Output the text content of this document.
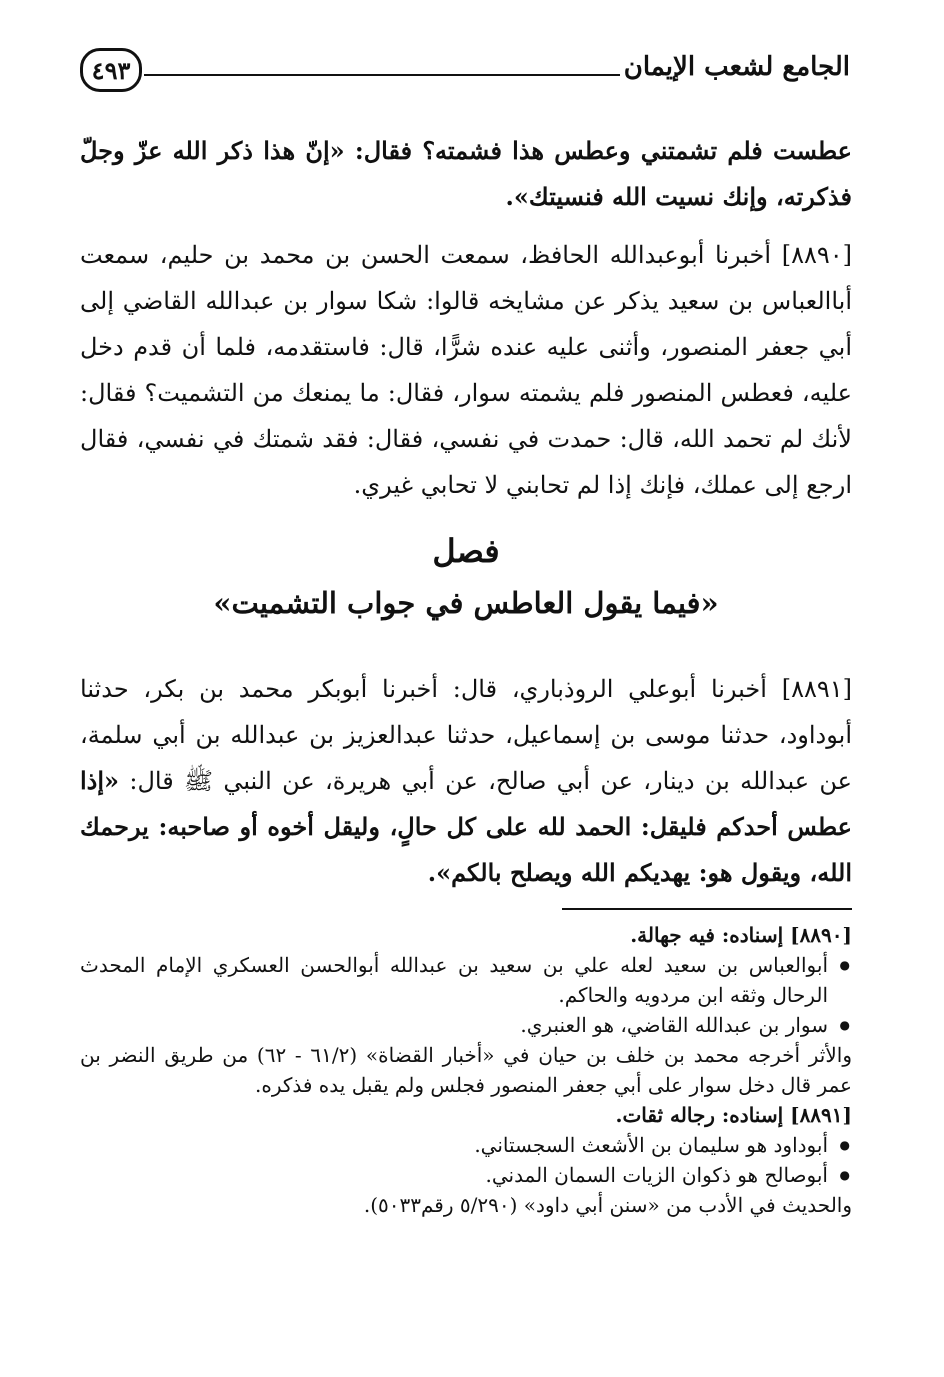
الجامع لشعب الإيمان
٤٩٣

عطست فلم تشمتني وعطس هذا فشمته؟ فقال: «إنّ هذا ذكر الله عزّ وجلّ فذكرته، وإنك نسيت الله فنسيتك».

[٨٨٩٠] أخبرنا أبوعبدالله الحافظ، سمعت الحسن بن محمد بن حليم، سمعت أباالعباس بن سعيد يذكر عن مشايخه قالوا: شكا سوار بن عبدالله القاضي إلى أبي جعفر المنصور، وأثنى عليه عنده شرًّا، قال: فاستقدمه، فلما أن قدم دخل عليه، فعطس المنصور فلم يشمته سوار، فقال: ما يمنعك من التشميت؟ فقال: لأنك لم تحمد الله، قال: حمدت في نفسي، فقال: فقد شمتك في نفسي، فقال ارجع إلى عملك، فإنك إذا لم تحابني لا تحابي غيري.

فصل
«فيما يقول العاطس في جواب التشميت»

[٨٨٩١] أخبرنا أبوعلي الروذباري، قال: أخبرنا أبوبكر محمد بن بكر، حدثنا أبوداود، حدثنا موسى بن إسماعيل، حدثنا عبدالعزيز بن عبدالله بن أبي سلمة، عن عبدالله بن دينار، عن أبي صالح، عن أبي هريرة، عن النبي ﷺ قال: «إذا عطس أحدكم فليقل: الحمد لله على كل حالٍ، وليقل أخوه أو صاحبه: يرحمك الله، ويقول هو: يهديكم الله ويصلح بالكم».

[٨٨٩٠] إسناده: فيه جهالة.

● أبوالعباس بن سعيد لعله علي بن سعيد بن عبدالله أبوالحسن العسكري الإمام المحدث الرحال وثقه ابن مردويه والحاكم.

● سوار بن عبدالله القاضي، هو العنبري.

والأثر أخرجه محمد بن خلف بن حيان في «أخبار القضاة» (٦١/٢ - ٦٢) من طريق النضر بن عمر قال دخل سوار على أبي جعفر المنصور فجلس ولم يقبل يده فذكره.

[٨٨٩١] إسناده: رجاله ثقات.

● أبوداود هو سليمان بن الأشعث السجستاني.

● أبوصالح هو ذكوان الزيات السمان المدني.

والحديث في الأدب من «سنن أبي داود» (٥/٢٩٠ رقم٥٠٣٣).
